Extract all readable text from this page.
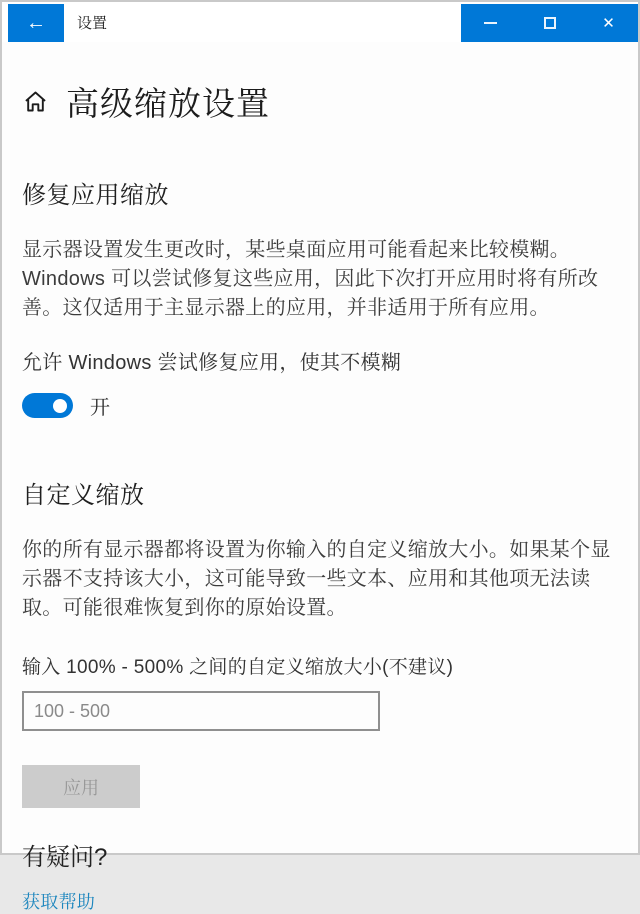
← 设置	✕
高级缩放设置
修复应用缩放

显示器设置发生更改时，某些桌面应用可能看起来比较模糊。Windows 可以尝试修复这些应用，因此下次打开应用时将有所改善。这仅适用于主显示器上的应用，并非适用于所有应用。

允许 Windows 尝试修复应用，使其不模糊
开
自定义缩放

你的所有显示器都将设置为你输入的自定义缩放大小。如果某个显示器不支持该大小，这可能导致一些文本、应用和其他项无法读取。可能很难恢复到你的原始设置。

输入 100% - 500% 之间的自定义缩放大小(不建议)
100 - 500
应用
有疑问?
获取帮助
